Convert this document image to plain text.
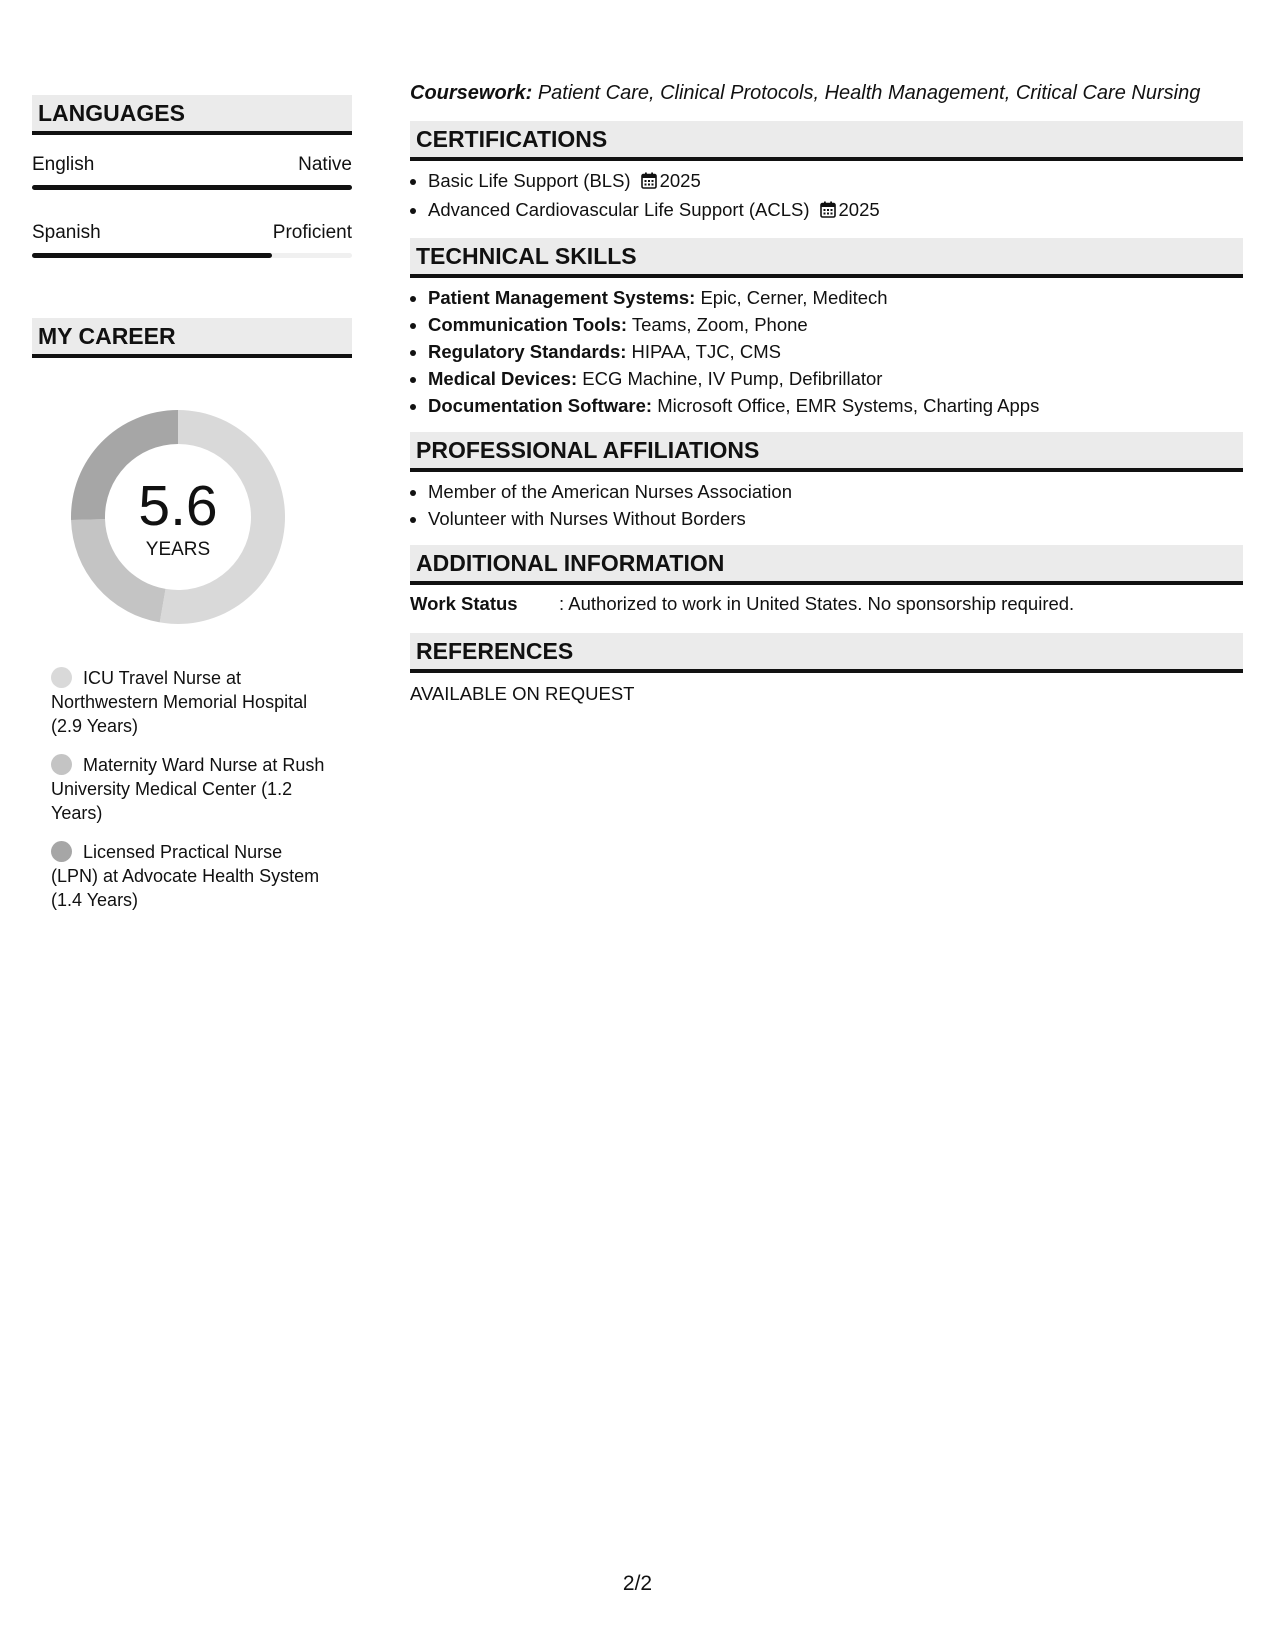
LANGUAGES
English	Native
Spanish	Proficient
MY CAREER
5.6
YEARS
ICU Travel Nurse at Northwestern Memorial Hospital (2.9 Years)
Maternity Ward Nurse at Rush University Medical Center (1.2 Years)
Licensed Practical Nurse (LPN) at Advocate Health System (1.4 Years)
Coursework: Patient Care, Clinical Protocols, Health Management, Critical Care Nursing
CERTIFICATIONS
• Basic Life Support (BLS) 2025
• Advanced Cardiovascular Life Support (ACLS) 2025
TECHNICAL SKILLS
• Patient Management Systems: Epic, Cerner, Meditech
• Communication Tools: Teams, Zoom, Phone
• Regulatory Standards: HIPAA, TJC, CMS
• Medical Devices: ECG Machine, IV Pump, Defibrillator
• Documentation Software: Microsoft Office, EMR Systems, Charting Apps
PROFESSIONAL AFFILIATIONS
• Member of the American Nurses Association
• Volunteer with Nurses Without Borders
ADDITIONAL INFORMATION
Work Status : Authorized to work in United States. No sponsorship required.
REFERENCES
AVAILABLE ON REQUEST
2/2
